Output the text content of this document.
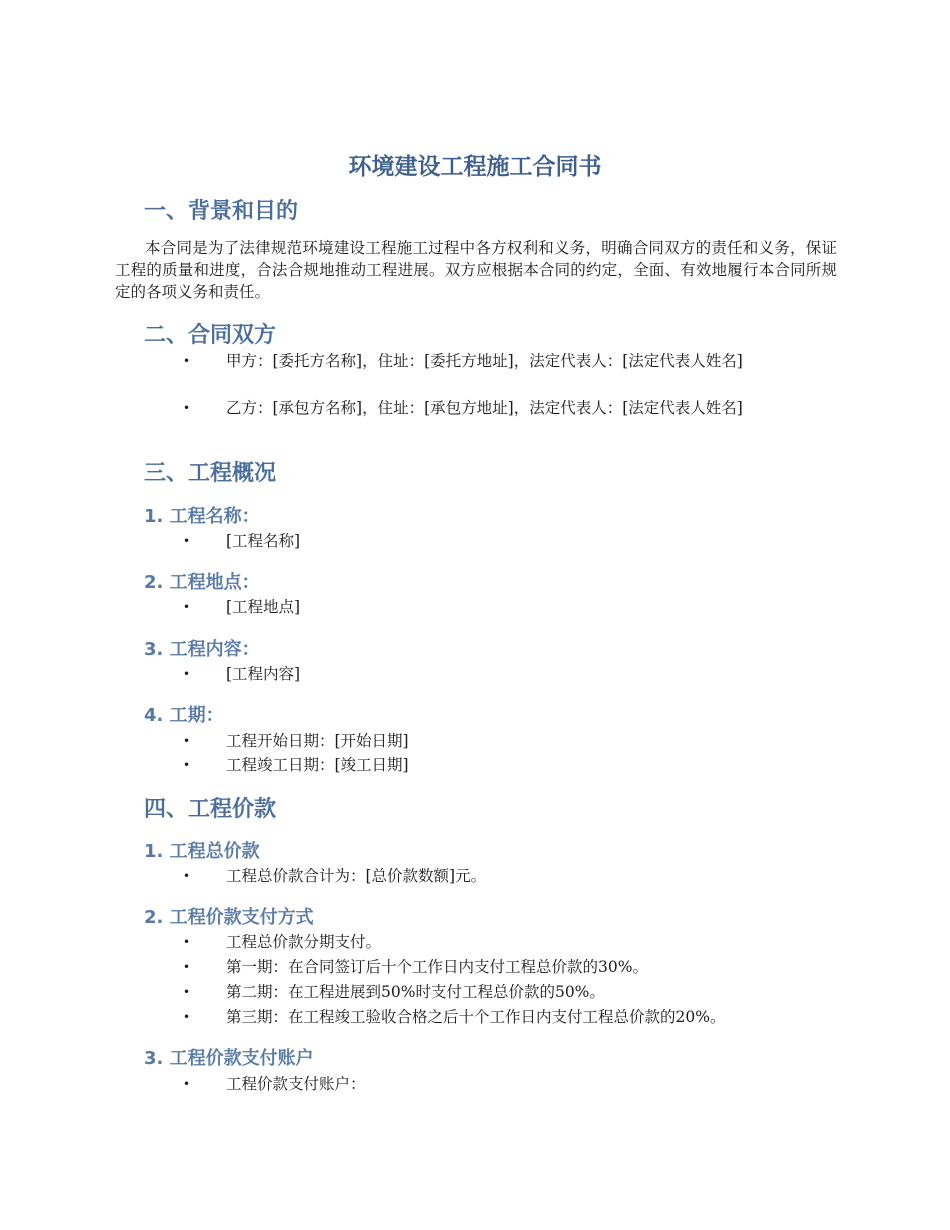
环境建设工程施工合同书
一、背景和目的
本合同是为了法律规范环境建设工程施工过程中各方权利和义务，明确合同双方的责任和义务，保证工程的质量和进度，合法合规地推动工程进展。双方应根据本合同的约定，全面、有效地履行本合同所规定的各项义务和责任。
二、合同双方
•	甲方：[委托方名称]，住址：[委托方地址]，法定代表人：[法定代表人姓名]
•	乙方：[承包方名称]，住址：[承包方地址]，法定代表人：[法定代表人姓名]
三、工程概况
1. 工程名称：
•	[工程名称]
2. 工程地点：
•	[工程地点]
3. 工程内容：
•	[工程内容]
4. 工期：
•	工程开始日期：[开始日期]
•	工程竣工日期：[竣工日期]
四、工程价款
1. 工程总价款
•	工程总价款合计为：[总价款数额]元。
2. 工程价款支付方式
•	工程总价款分期支付。
•	第一期：在合同签订后十个工作日内支付工程总价款的30%。
•	第二期：在工程进展到50%时支付工程总价款的50%。
•	第三期：在工程竣工验收合格之后十个工作日内支付工程总价款的20%。
3. 工程价款支付账户
•	工程价款支付账户：
